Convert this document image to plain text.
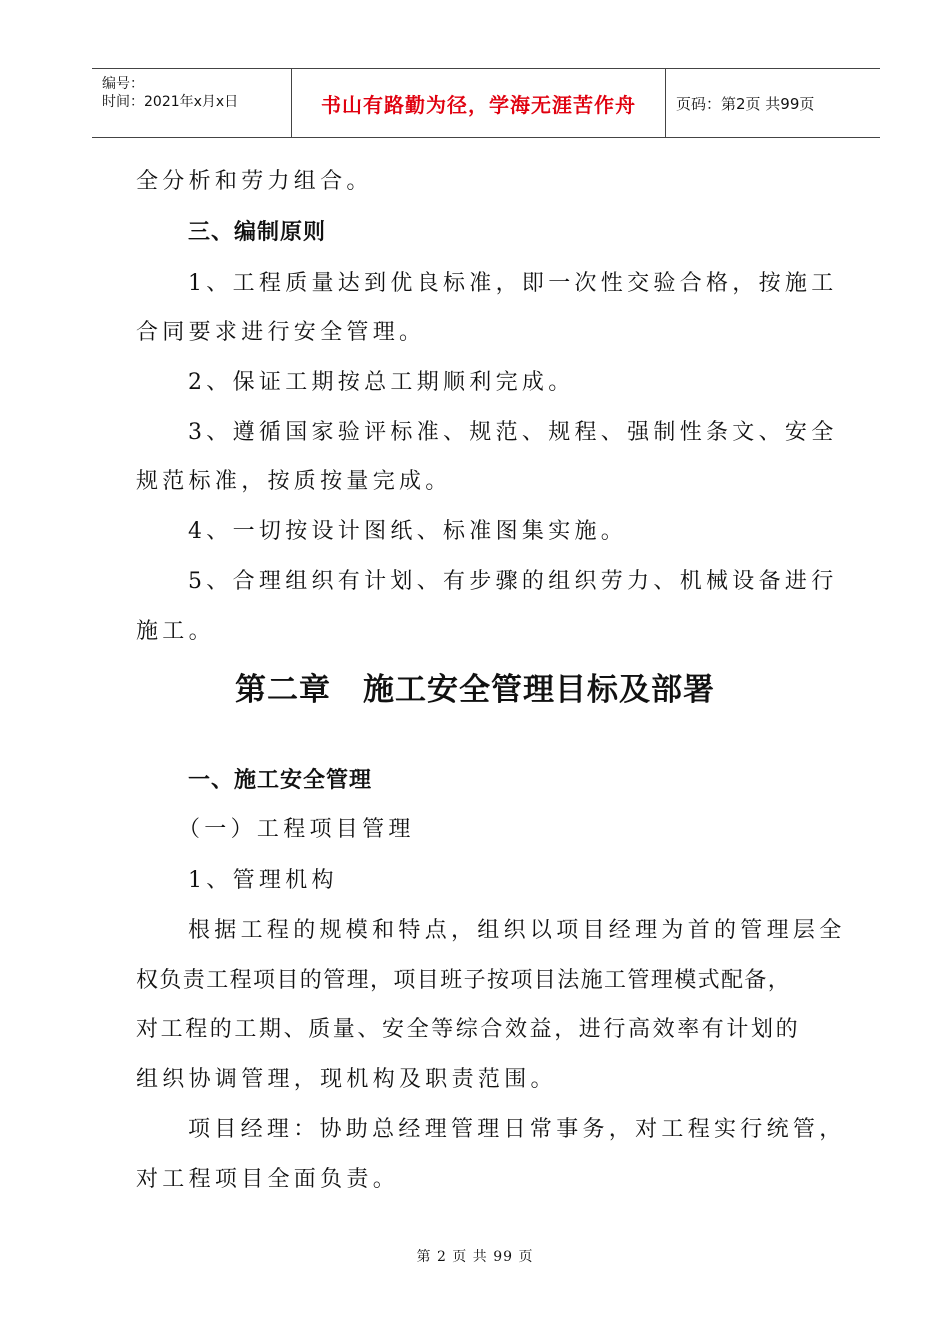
编号：
时间：2021年x月x日	书山有路勤为径，学海无涯苦作舟	页码：第2页 共99页
全分析和劳力组合。
三、编制原则
1、工程质量达到优良标准，即一次性交验合格，按施工
合同要求进行安全管理。
2、保证工期按总工期顺利完成。
3、遵循国家验评标准、规范、规程、强制性条文、安全
规范标准，按质按量完成。
4、一切按设计图纸、标准图集实施。
5、合理组织有计划、有步骤的组织劳力、机械设备进行
施工。
第二章　施工安全管理目标及部署
一、施工安全管理
（一）工程项目管理
1、管理机构
根据工程的规模和特点，组织以项目经理为首的管理层全
权负责工程项目的管理，项目班子按项目法施工管理模式配备，
对工程的工期、质量、安全等综合效益，进行高效率有计划的
组织协调管理，现机构及职责范围。
项目经理：协助总经理管理日常事务，对工程实行统管，
对工程项目全面负责。
第 2 页 共 99 页
